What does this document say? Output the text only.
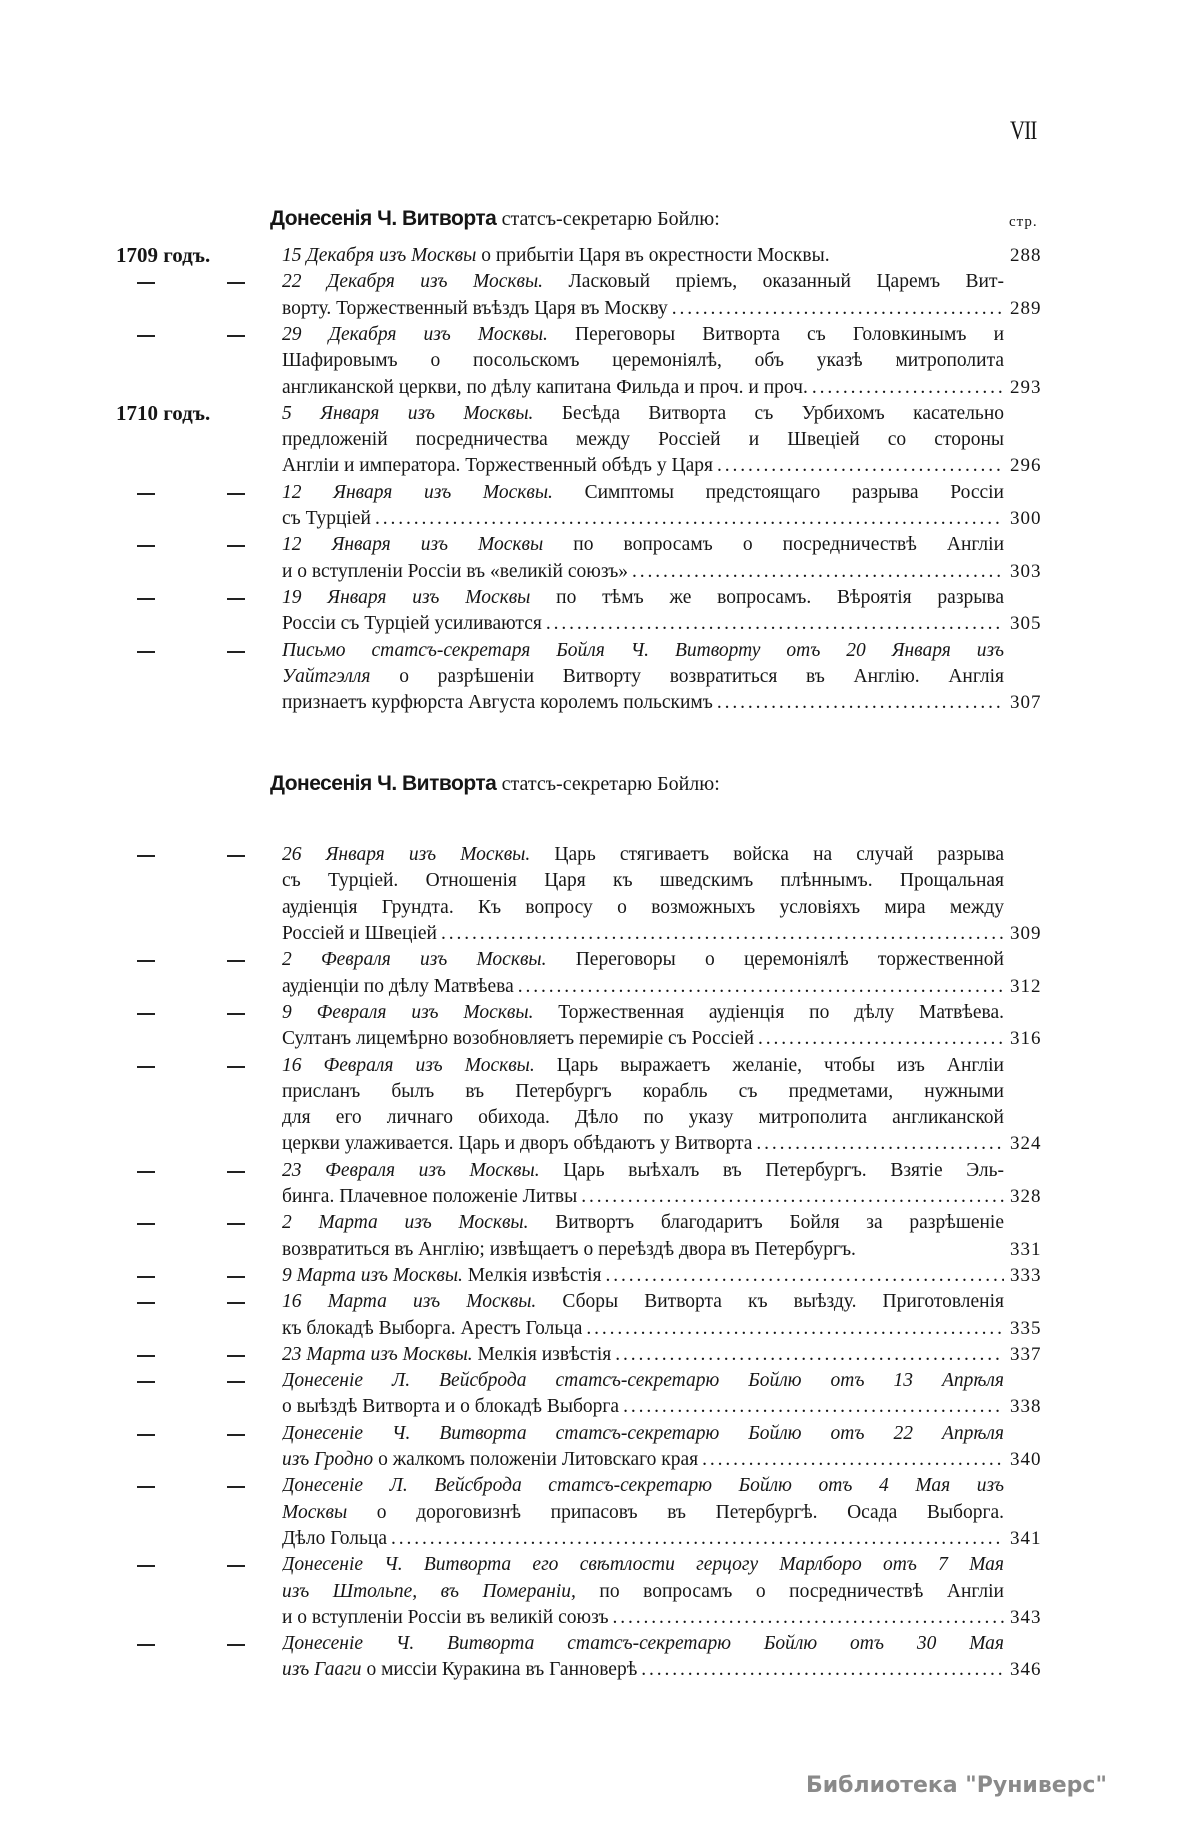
VII
Донесенія Ч. Витворта статсъ-секретарю Бойлю:	стр.
Донесенія Ч. Витворта статсъ-секретарю Бойлю:
1709 годъ.	15 Декабря изъ Москвы о прибытіи Царя въ окрестности Москвы.	288
22 Декабря изъ Москвы. Ласковый пріемъ, оказанный Царемъ Вит-
ворту. Торжественный въѣздъ Царя въ Москву . . .	289
29 Декабря изъ Москвы. Переговоры Витворта съ Головкинымъ и
Шафировымъ о посольскомъ церемоніялѣ, объ указѣ митрополита
англиканской церкви, по дѣлу капитана Фильда и проч. и проч. . . .	293
1710 годъ.	5 Января изъ Москвы. Бесѣда Витворта съ Урбихомъ касательно
предложеній посредничества между Россіей и Швеціей со стороны
Англіи и императора. Торжественный обѣдъ у Царя . . .	296
12 Января изъ Москвы. Симптомы предстоящаго разрыва Россіи
съ Турціей . . .	300
12 Января изъ Москвы по вопросамъ о посредничествѣ Англіи
и о вступленіи Россіи въ «великій союзъ» . . .	303
19 Января изъ Москвы по тѣмъ же вопросамъ. Вѣроятія разрыва
Россіи съ Турціей усиливаются . . .	305
Письмо статсъ-секретаря Бойля Ч. Витворту отъ 20 Января изъ
Уайтгэлля о разрѣшеніи Витворту возвратиться въ Англію. Англія
признаетъ курфюрста Августа королемъ польскимъ . . .	307
26 Января изъ Москвы. Царь стягиваетъ войска на случай разрыва
съ Турціей. Отношенія Царя къ шведскимъ плѣннымъ. Прощальная
аудіенція Грундта. Къ вопросу о возможныхъ условіяхъ мира между
Россіей и Швеціей . . .	309
2 Февраля изъ Москвы. Переговоры о церемоніялѣ торжественной
аудіенціи по дѣлу Матвѣева . . .	312
9 Февраля изъ Москвы. Торжественная аудіенція по дѣлу Матвѣева.
Султанъ лицемѣрно возобновляетъ перемиріе съ Россіей . . .	316
16 Февраля изъ Москвы. Царь выражаетъ желаніе, чтобы изъ Англіи
присланъ былъ въ Петербургъ корабль съ предметами, нужными
для его личнаго обихода. Дѣло по указу митрополита англиканской
церкви улаживается. Царь и дворъ обѣдаютъ у Витворта . . .	324
23 Февраля изъ Москвы. Царь выѣхалъ въ Петербургъ. Взятіе Эль-
бинга. Плачевное положеніе Литвы . . .	328
2 Марта изъ Москвы. Витвортъ благодаритъ Бойля за разрѣшеніе
возвратиться въ Англію; извѣщаетъ о переѣздѣ двора въ Петербургъ.	331
9 Марта изъ Москвы. Мелкія извѣстія . . .	333
16 Марта изъ Москвы. Сборы Витворта къ выѣзду. Приготовленія
къ блокадѣ Выборга. Арестъ Гольца . . .	335
23 Марта изъ Москвы. Мелкія извѣстія . . .	337
Донесеніе Л. Вейсброда статсъ-секретарю Бойлю отъ 13 Апрѣля
о выѣздѣ Витворта и о блокадѣ Выборга . . .	338
Донесеніе Ч. Витворта статсъ-секретарю Бойлю отъ 22 Апрѣля
изъ Гродно о жалкомъ положеніи Литовскаго края . . .	340
Донесеніе Л. Вейсброда статсъ-секретарю Бойлю отъ 4 Мая изъ
Москвы о дороговизнѣ припасовъ въ Петербургѣ. Осада Выборга.
Дѣло Гольца . . .	341
Донесеніе Ч. Витворта его свѣтлости герцогу Марлборо отъ 7 Мая
изъ Штольпе, въ Помераніи, по вопросамъ о посредничествѣ Англіи
и о вступленіи Россіи въ великій союзъ . . .	343
Донесеніе Ч. Витворта статсъ-секретарю Бойлю отъ 30 Мая
изъ Гааги о миссіи Куракина въ Ганноверѣ . . .	346
Библиотека "Руниверс"
